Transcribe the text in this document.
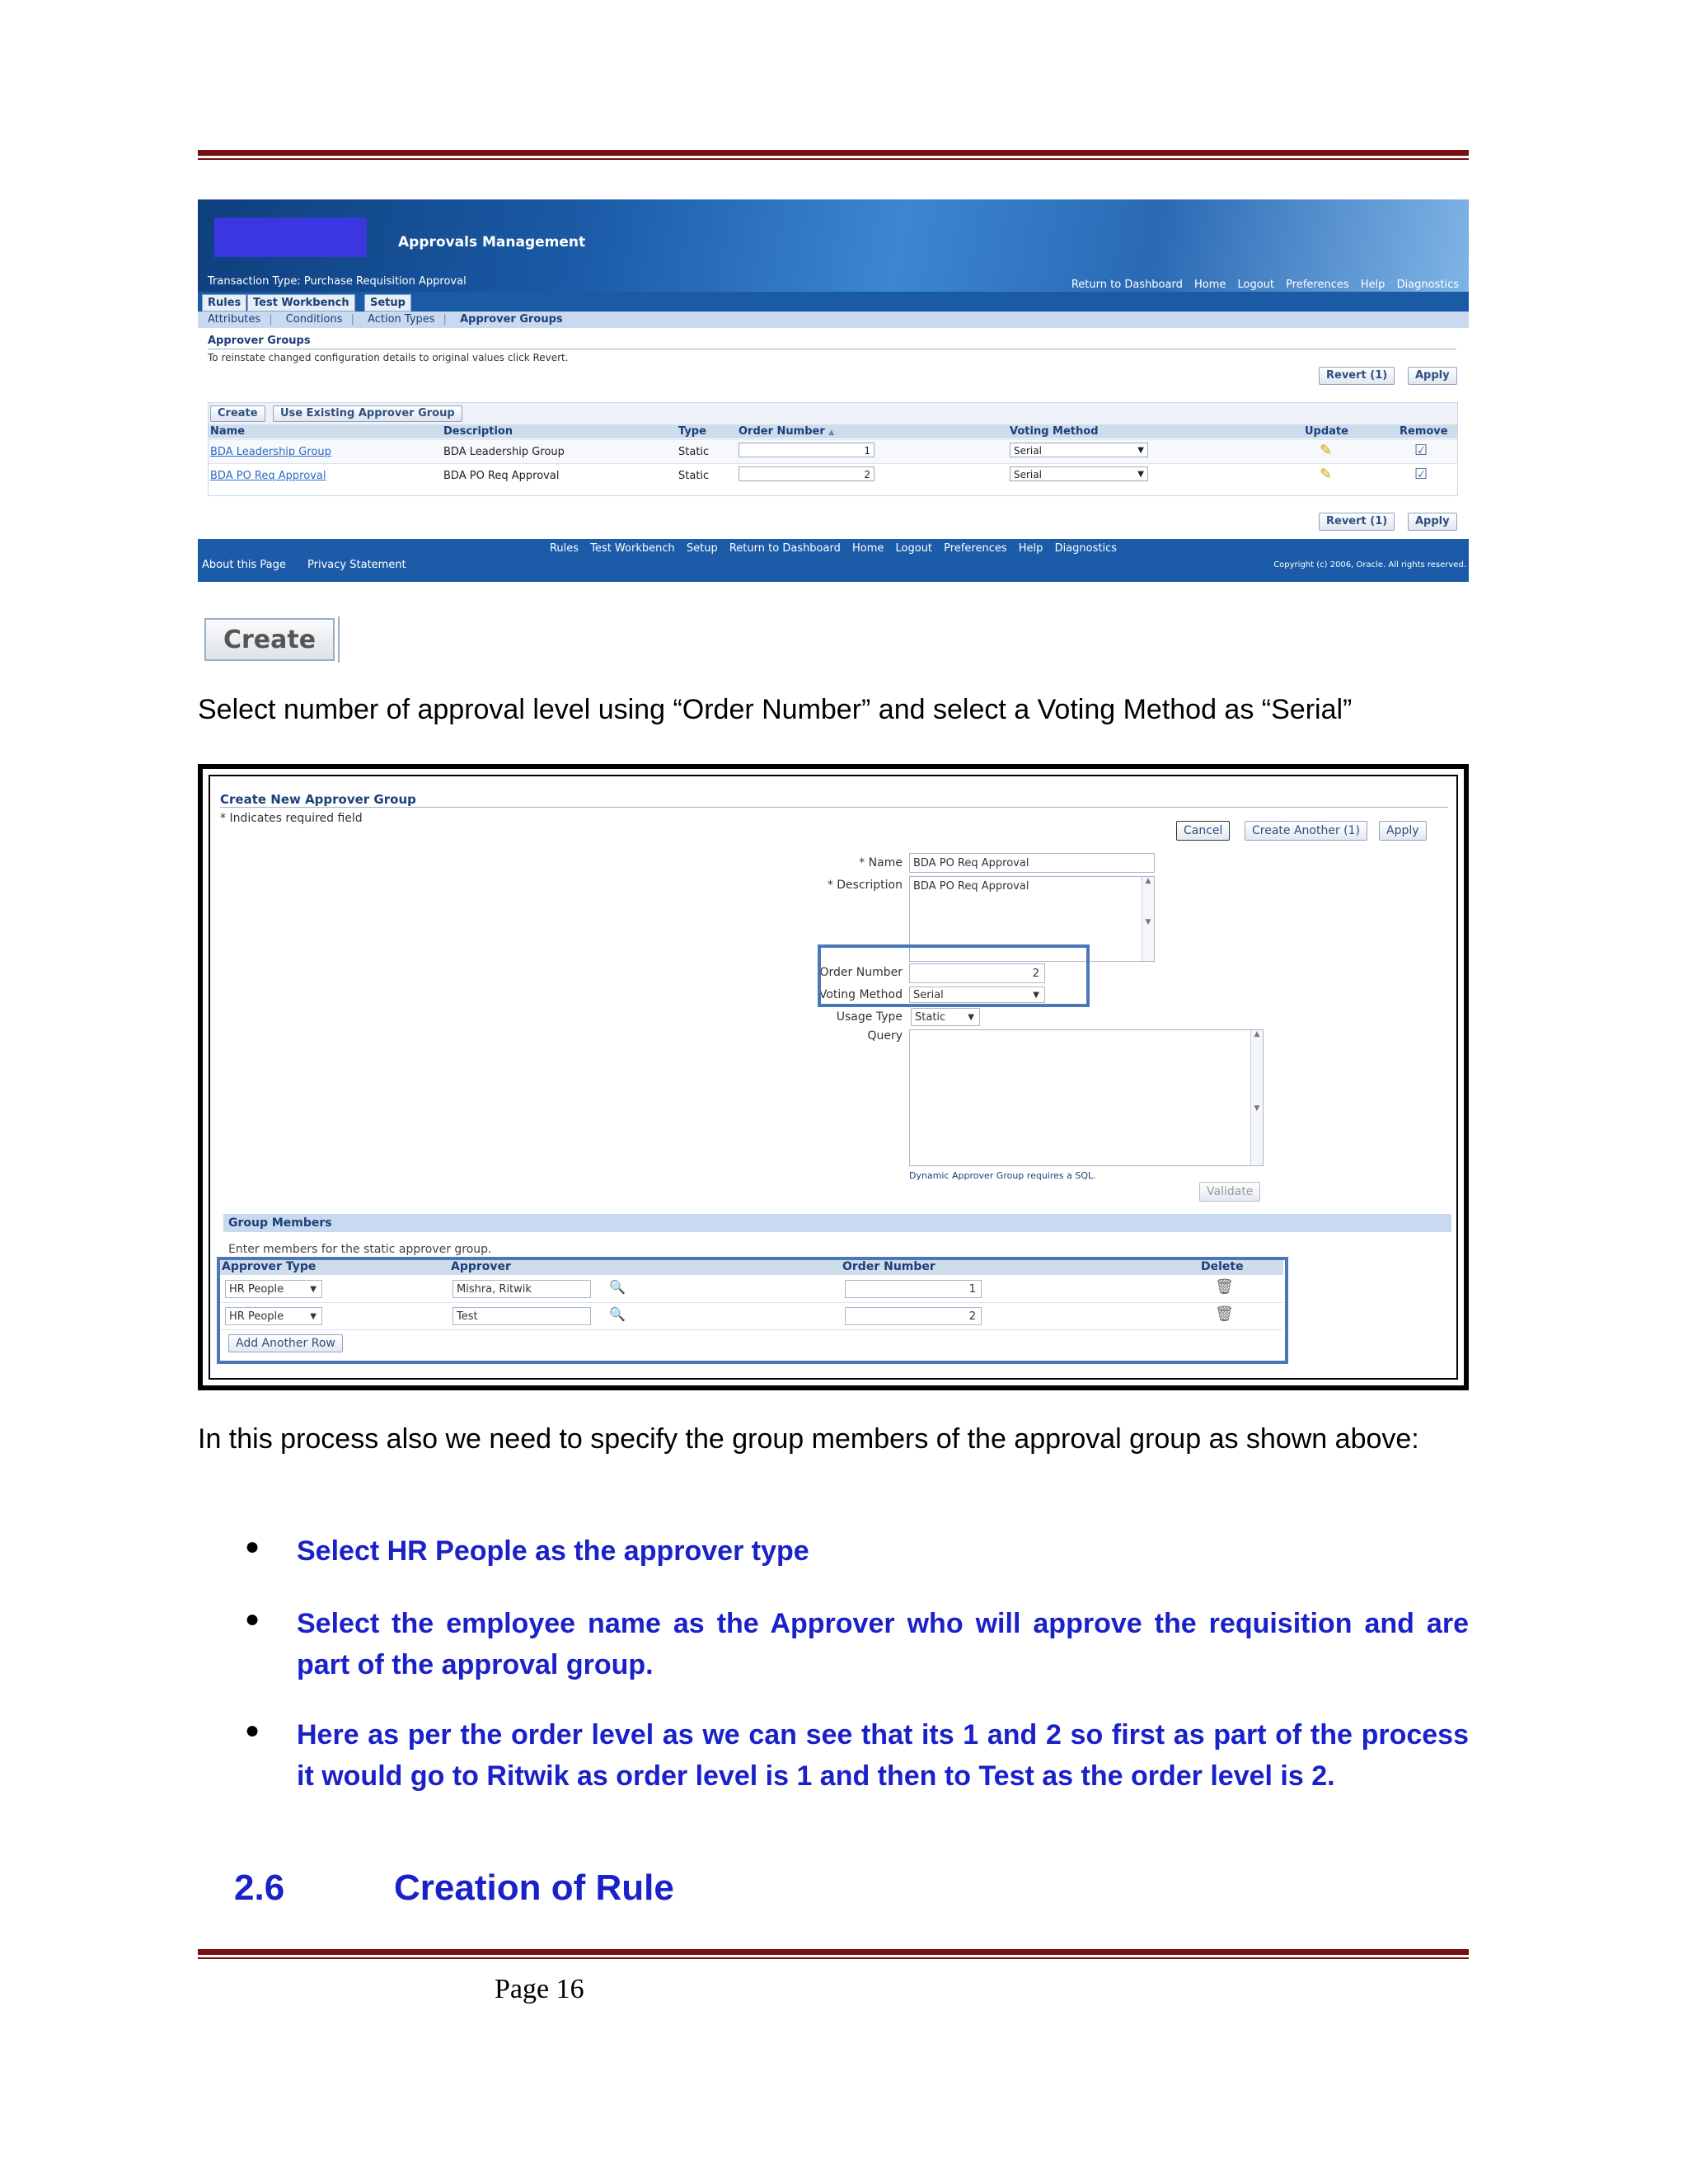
Approvals Management
Transaction Type: Purchase Requisition Approval	Return to Dashboard Home Logout Preferences Help Diagnostics
Rules	Test Workbench	Setup
Attributes | Conditions | Action Types | Approver Groups
Approver Groups
To reinstate changed configuration details to original values click Revert.
Revert (1)	Apply
Create	Use Existing Approver Group
Name	Description	Type	Order Number ▲	Voting Method	Update	Remove
BDA Leadership Group	BDA Leadership Group	Static	1	Serial	▼	✎	☑
BDA PO Req Approval	BDA PO Req Approval	Static	2	Serial	▼	✎	☑
Revert (1)	Apply
Rules Test Workbench Setup Return to Dashboard Home Logout Preferences Help Diagnostics
About this Page Privacy Statement	Copyright (c) 2006, Oracle. All rights reserved.
Create
Select number of approval level using “Order Number” and select a Voting Method as “Serial”
Create New Approver Group
* Indicates required field
Cancel	Create Another (1)	Apply
* Name	BDA PO Req Approval
* Description	BDA PO Req Approval	▲

▼
Order Number	2
Voting Method	Serial	▼
Usage Type	Static	▼
Query	▲

▼
Dynamic Approver Group requires a SQL.
Validate
Group Members
Enter members for the static approver group.
Approver Type	Approver	Order Number	Delete
HR People	▼	Mishra, Ritwik	🔍	1	🗑
HR People	▼	Test	🔍	2	🗑
Add Another Row
In this process also we need to specify the group members of the approval group as shown above:
● Select HR People as the approver type
● Select the employee name as the Approver who will approve the requisition and are part of the approval group.
● Here as per the order level as we can see that its 1 and 2 so first as part of the process it would go to Ritwik as order level is 1 and then to Test as the order level is 2.
2.6	Creation of Rule
Page 16
